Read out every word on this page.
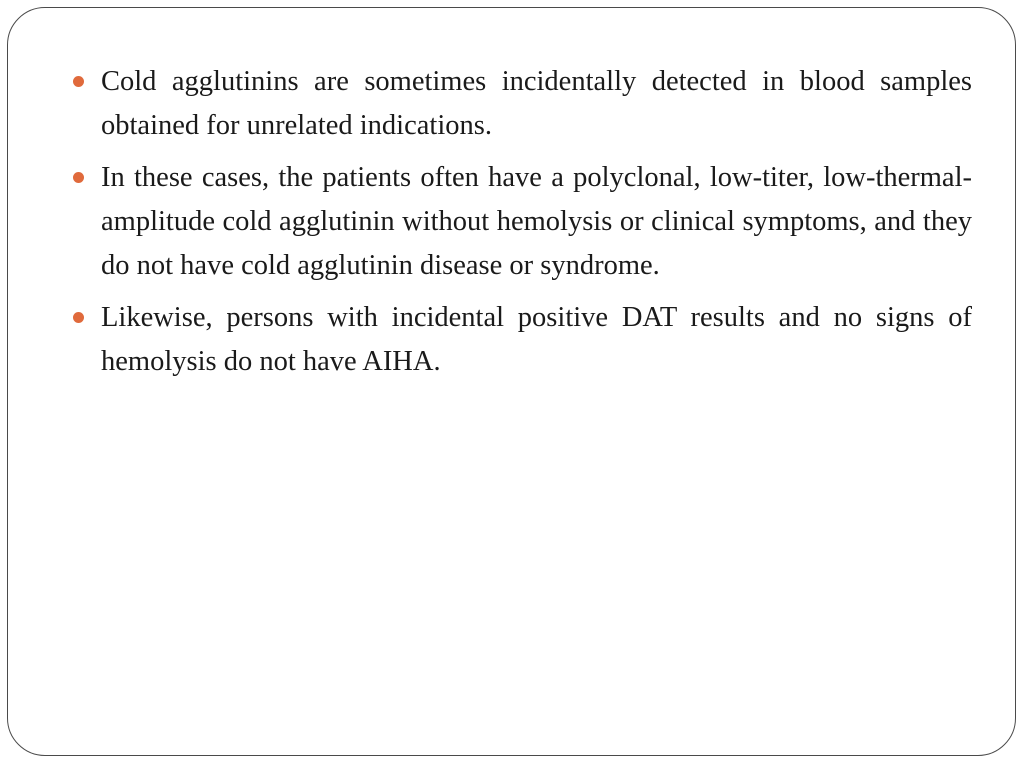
Cold agglutinins are sometimes incidentally detected in blood samples obtained for unrelated indications.
In these cases, the patients often have a polyclonal, low-titer, low-thermal-amplitude cold agglutinin without hemolysis or clinical symptoms, and they do not have cold agglutinin disease or syndrome.
Likewise, persons with incidental positive DAT results and no signs of hemolysis do not have AIHA.
